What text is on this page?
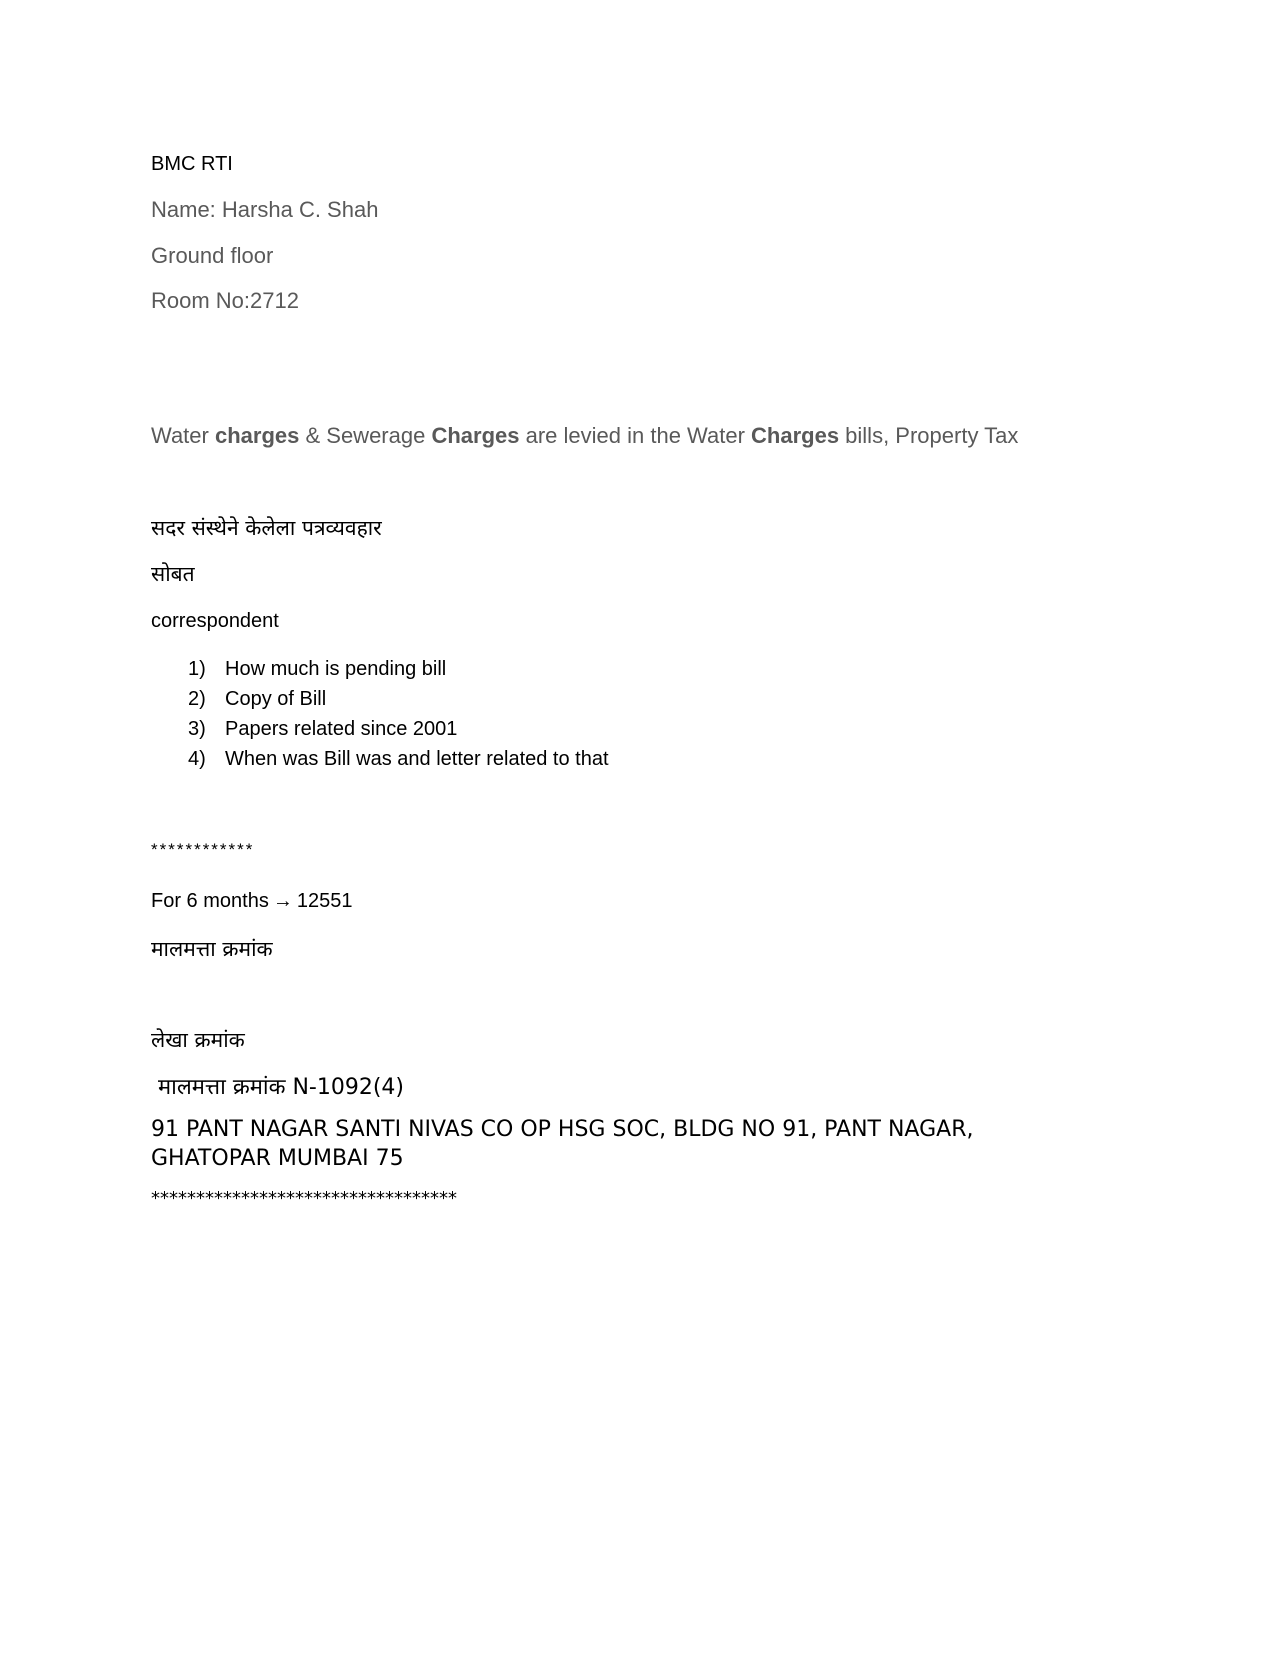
BMC RTI

Name: Harsha C. Shah

Ground floor

Room No:2712

Water charges & Sewerage Charges are levied in the Water Charges bills, Property Tax

सदर संस्थेने केलेला पत्रव्यवहार

सोबत

correspondent

1) How much is pending bill
2) Copy of Bill
3) Papers related since 2001
4) When was Bill was and letter related to that

************

For 6 months → 12551

मालमत्ता क्रमांक

लेखा क्रमांक

मालमत्ता क्रमांक N-1092(4)

91 PANT NAGAR SANTI NIVAS CO OP HSG SOC, BLDG NO 91, PANT NAGAR,

GHATOPAR MUMBAI 75

**********************************
